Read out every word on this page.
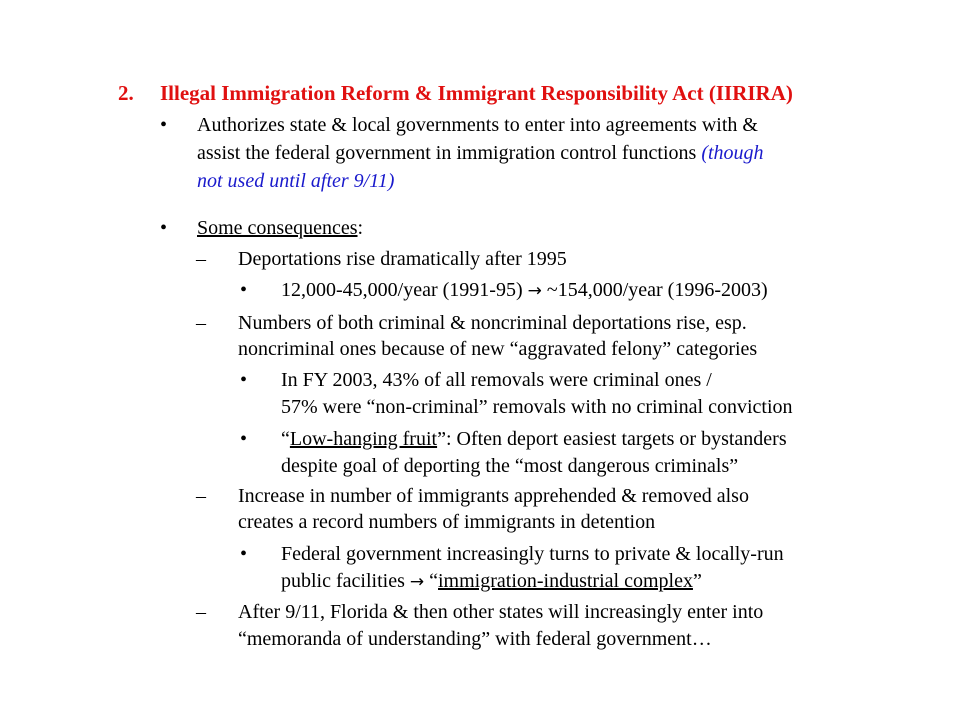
2. Illegal Immigration Reform & Immigrant Responsibility Act (IIRIRA)
• Authorizes state & local governments to enter into agreements with &
assist the federal government in immigration control functions (though
not used until after 9/11)
• Some consequences:
– Deportations rise dramatically after 1995
• 12,000-45,000/year (1991-95) → ~154,000/year (1996-2003)
– Numbers of both criminal & noncriminal deportations rise, esp.
noncriminal ones because of new “aggravated felony” categories
• In FY 2003, 43% of all removals were criminal ones /
57% were “non-criminal” removals with no criminal conviction
• “Low-hanging fruit”: Often deport easiest targets or bystanders
despite goal of deporting the “most dangerous criminals”
– Increase in number of immigrants apprehended & removed also
creates a record numbers of immigrants in detention
• Federal government increasingly turns to private & locally-run
public facilities → “immigration-industrial complex”
– After 9/11, Florida & then other states will increasingly enter into
“memoranda of understanding” with federal government…
